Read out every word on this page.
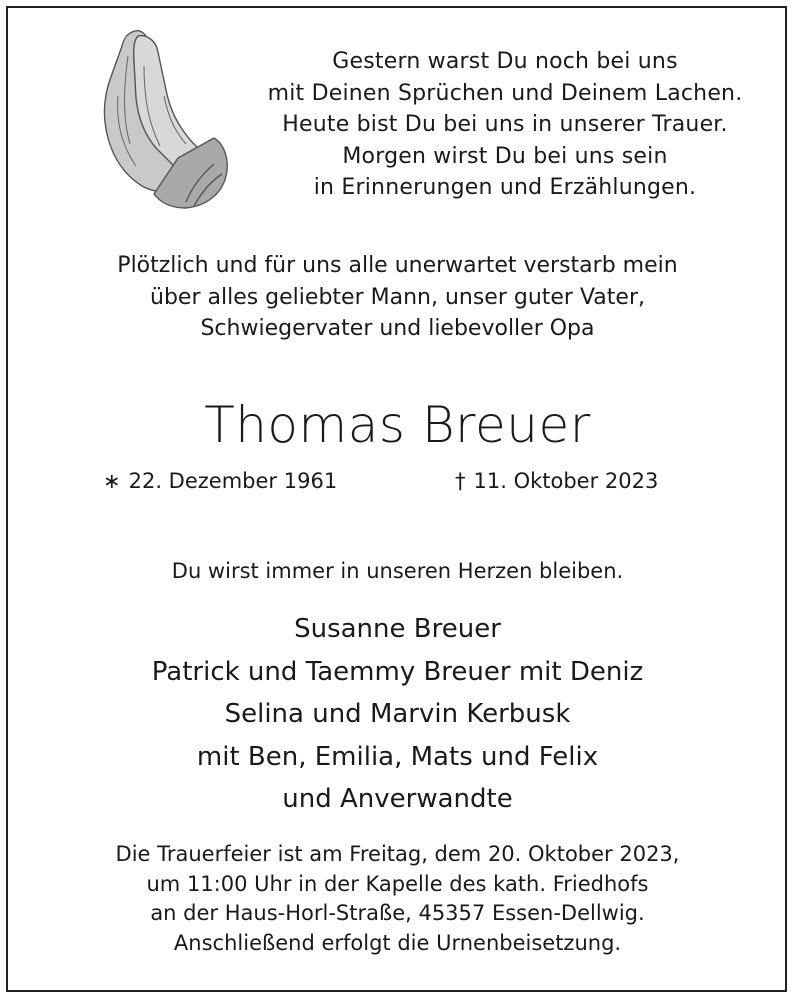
Gestern warst Du noch bei uns
mit Deinen Sprüchen und Deinem Lachen.
Heute bist Du bei uns in unserer Trauer.
Morgen wirst Du bei uns sein
in Erinnerungen und Erzählungen.
Plötzlich und für uns alle unerwartet verstarb mein
über alles geliebter Mann, unser guter Vater,
Schwiegervater und liebevoller Opa
Thomas Breuer
∗ 22. Dezember 1961	† 11. Oktober 2023
Du wirst immer in unseren Herzen bleiben.
Susanne Breuer
Patrick und Taemmy Breuer mit Deniz
Selina und Marvin Kerbusk
mit Ben, Emilia, Mats und Felix
und Anverwandte
Die Trauerfeier ist am Freitag, dem 20. Oktober 2023,
um 11:00 Uhr in der Kapelle des kath. Friedhofs
an der Haus-Horl-Straße, 45357 Essen-Dellwig.
Anschließend erfolgt die Urnenbeisetzung.
